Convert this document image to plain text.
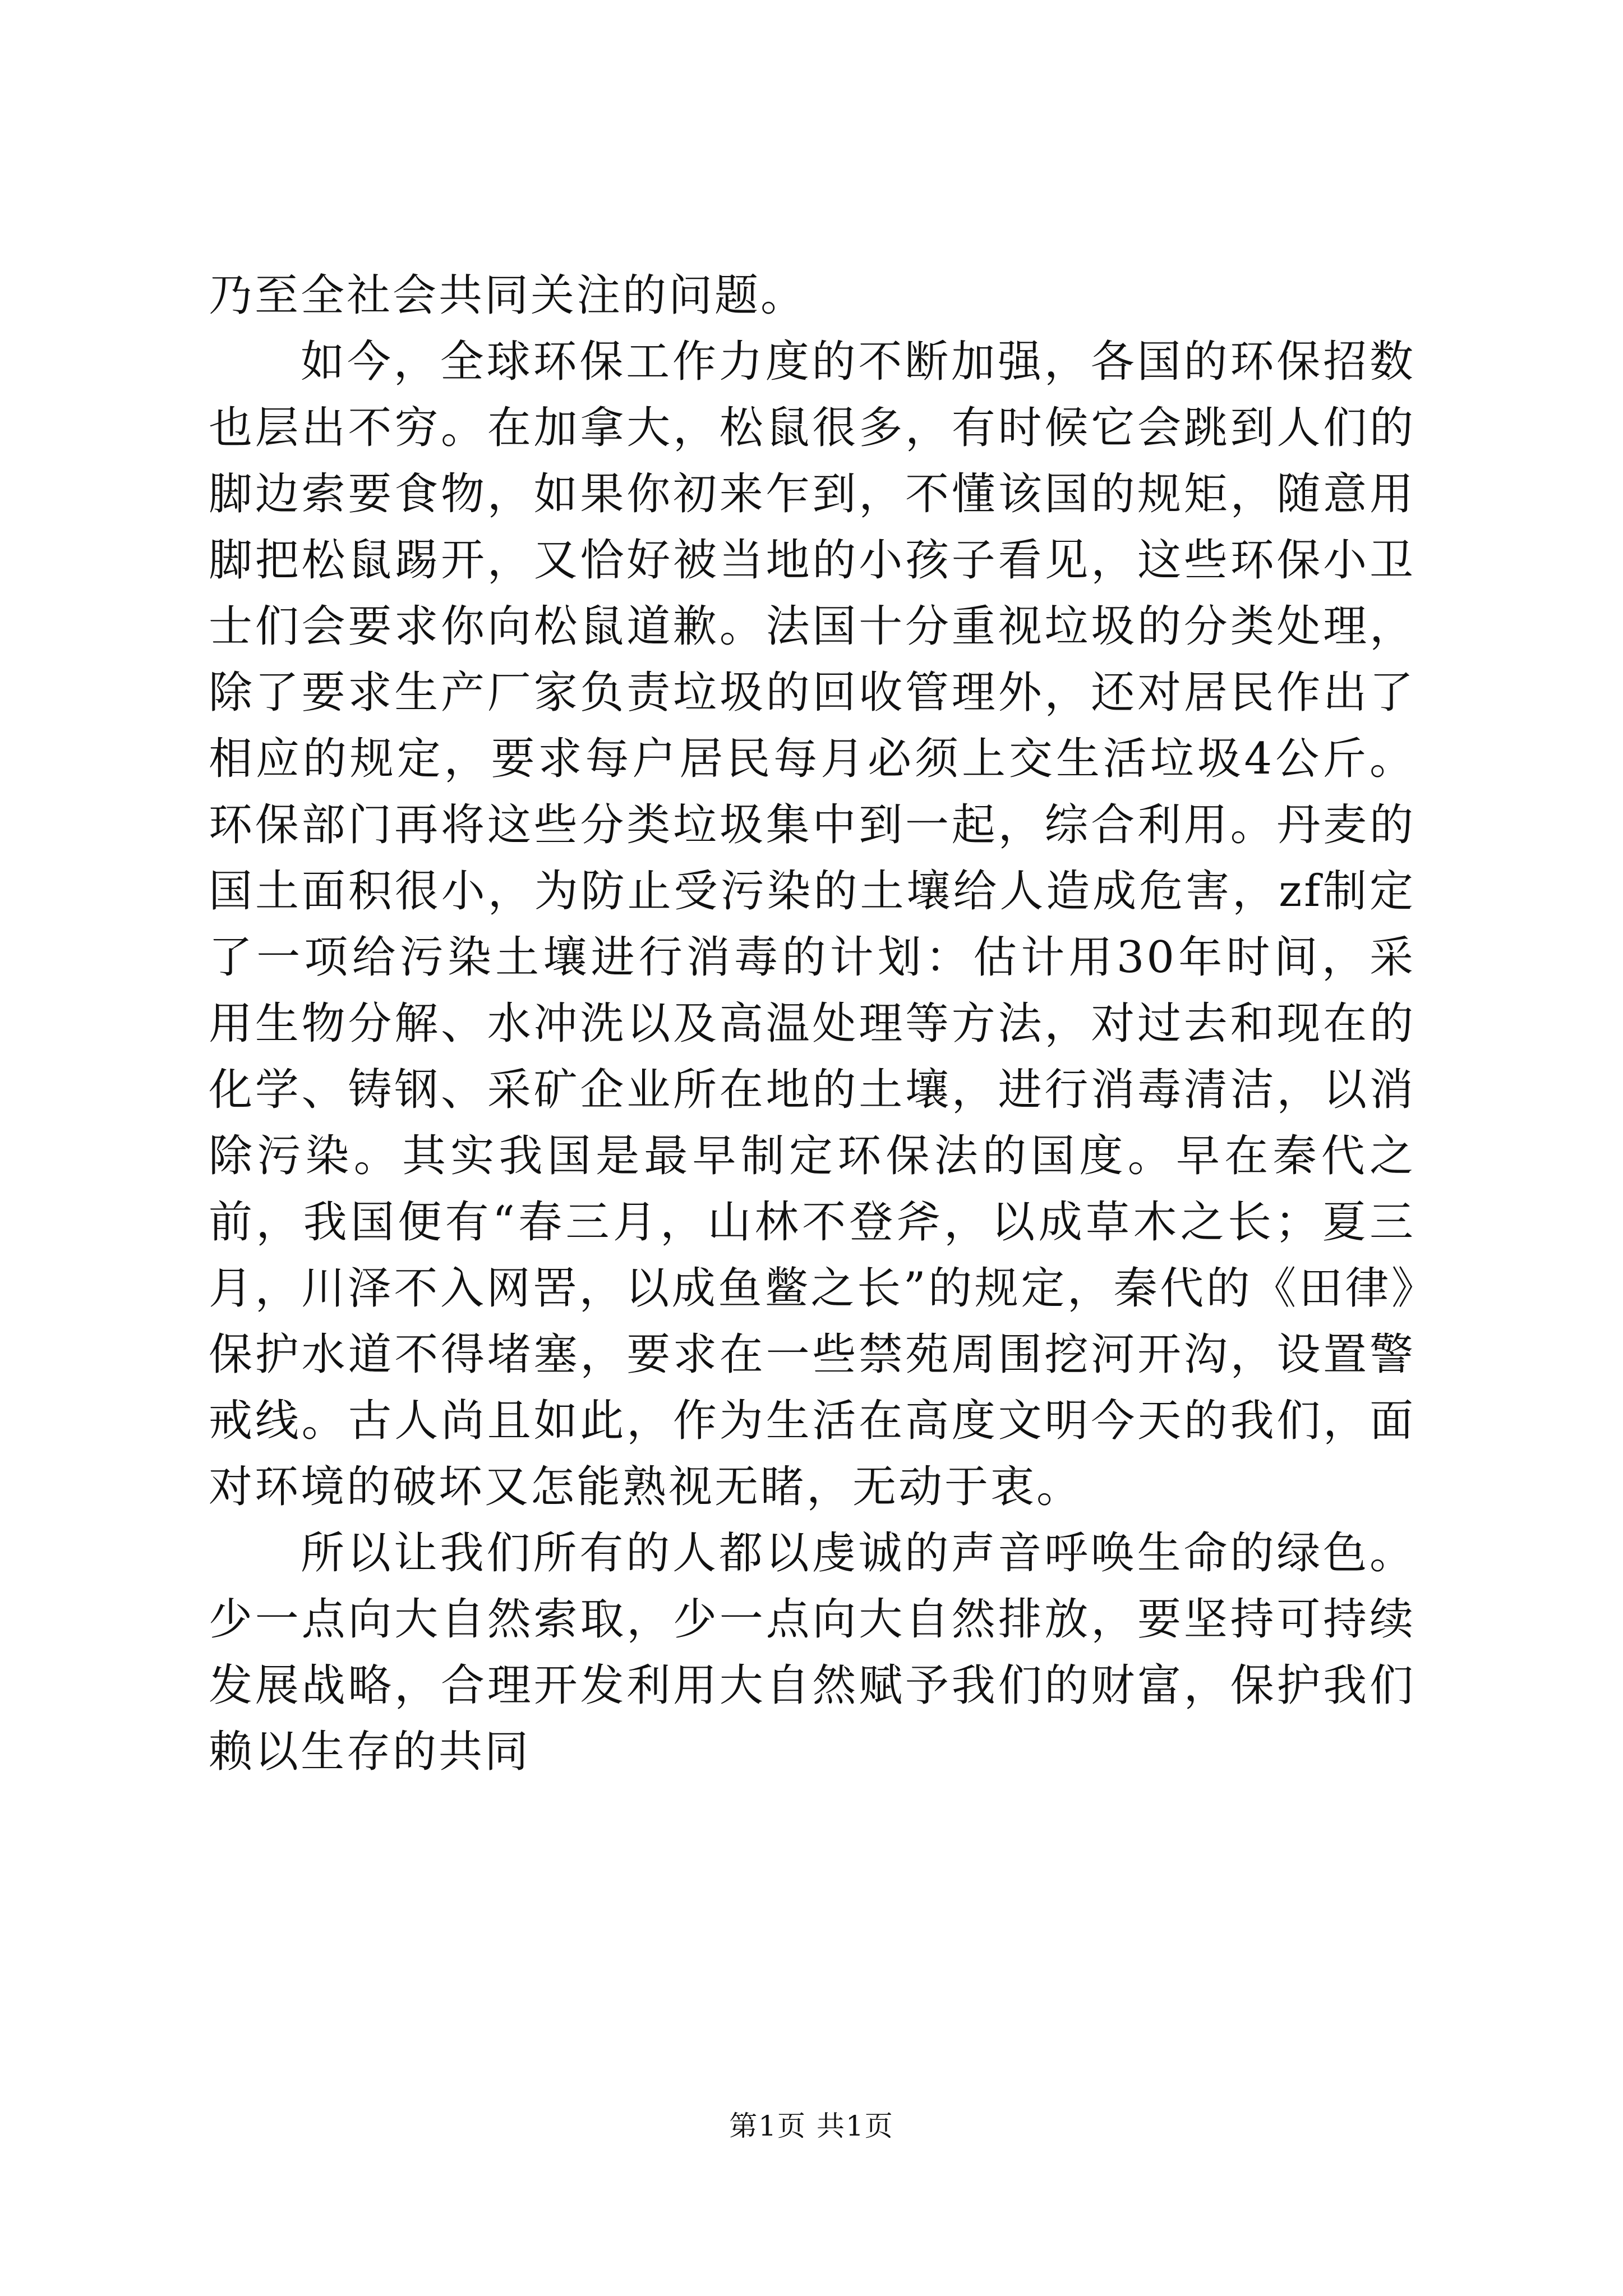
乃至全社会共同关注的问题。

如今，全球环保工作力度的不断加强，各国的环保招数也层出不穷。在加拿大，松鼠很多，有时候它会跳到人们的脚边索要食物，如果你初来乍到，不懂该国的规矩，随意用脚把松鼠踢开，又恰好被当地的小孩子看见，这些环保小卫士们会要求你向松鼠道歉。法国十分重视垃圾的分类处理，除了要求生产厂家负责垃圾的回收管理外，还对居民作出了相应的规定，要求每户居民每月必须上交生活垃圾4公斤。环保部门再将这些分类垃圾集中到一起，综合利用。丹麦的国土面积很小，为防止受污染的土壤给人造成危害，zf制定了一项给污染土壤进行消毒的计划：估计用30年时间，采用生物分解、水冲洗以及高温处理等方法，对过去和现在的化学、铸钢、采矿企业所在地的土壤，进行消毒清洁，以消除污染。其实我国是最早制定环保法的国度。早在秦代之前，我国便有“春三月，山林不登斧，以成草木之长；夏三月，川泽不入网罟，以成鱼鳖之长”的规定，秦代的《田律》保护水道不得堵塞，要求在一些禁苑周围挖河开沟，设置警戒线。古人尚且如此，作为生活在高度文明今天的我们，面对环境的破坏又怎能熟视无睹，无动于衷。

所以让我们所有的人都以虔诚的声音呼唤生命的绿色。少一点向大自然索取，少一点向大自然排放，要坚持可持续发展战略，合理开发利用大自然赋予我们的财富，保护我们赖以生存的共同

第1页 共1页
